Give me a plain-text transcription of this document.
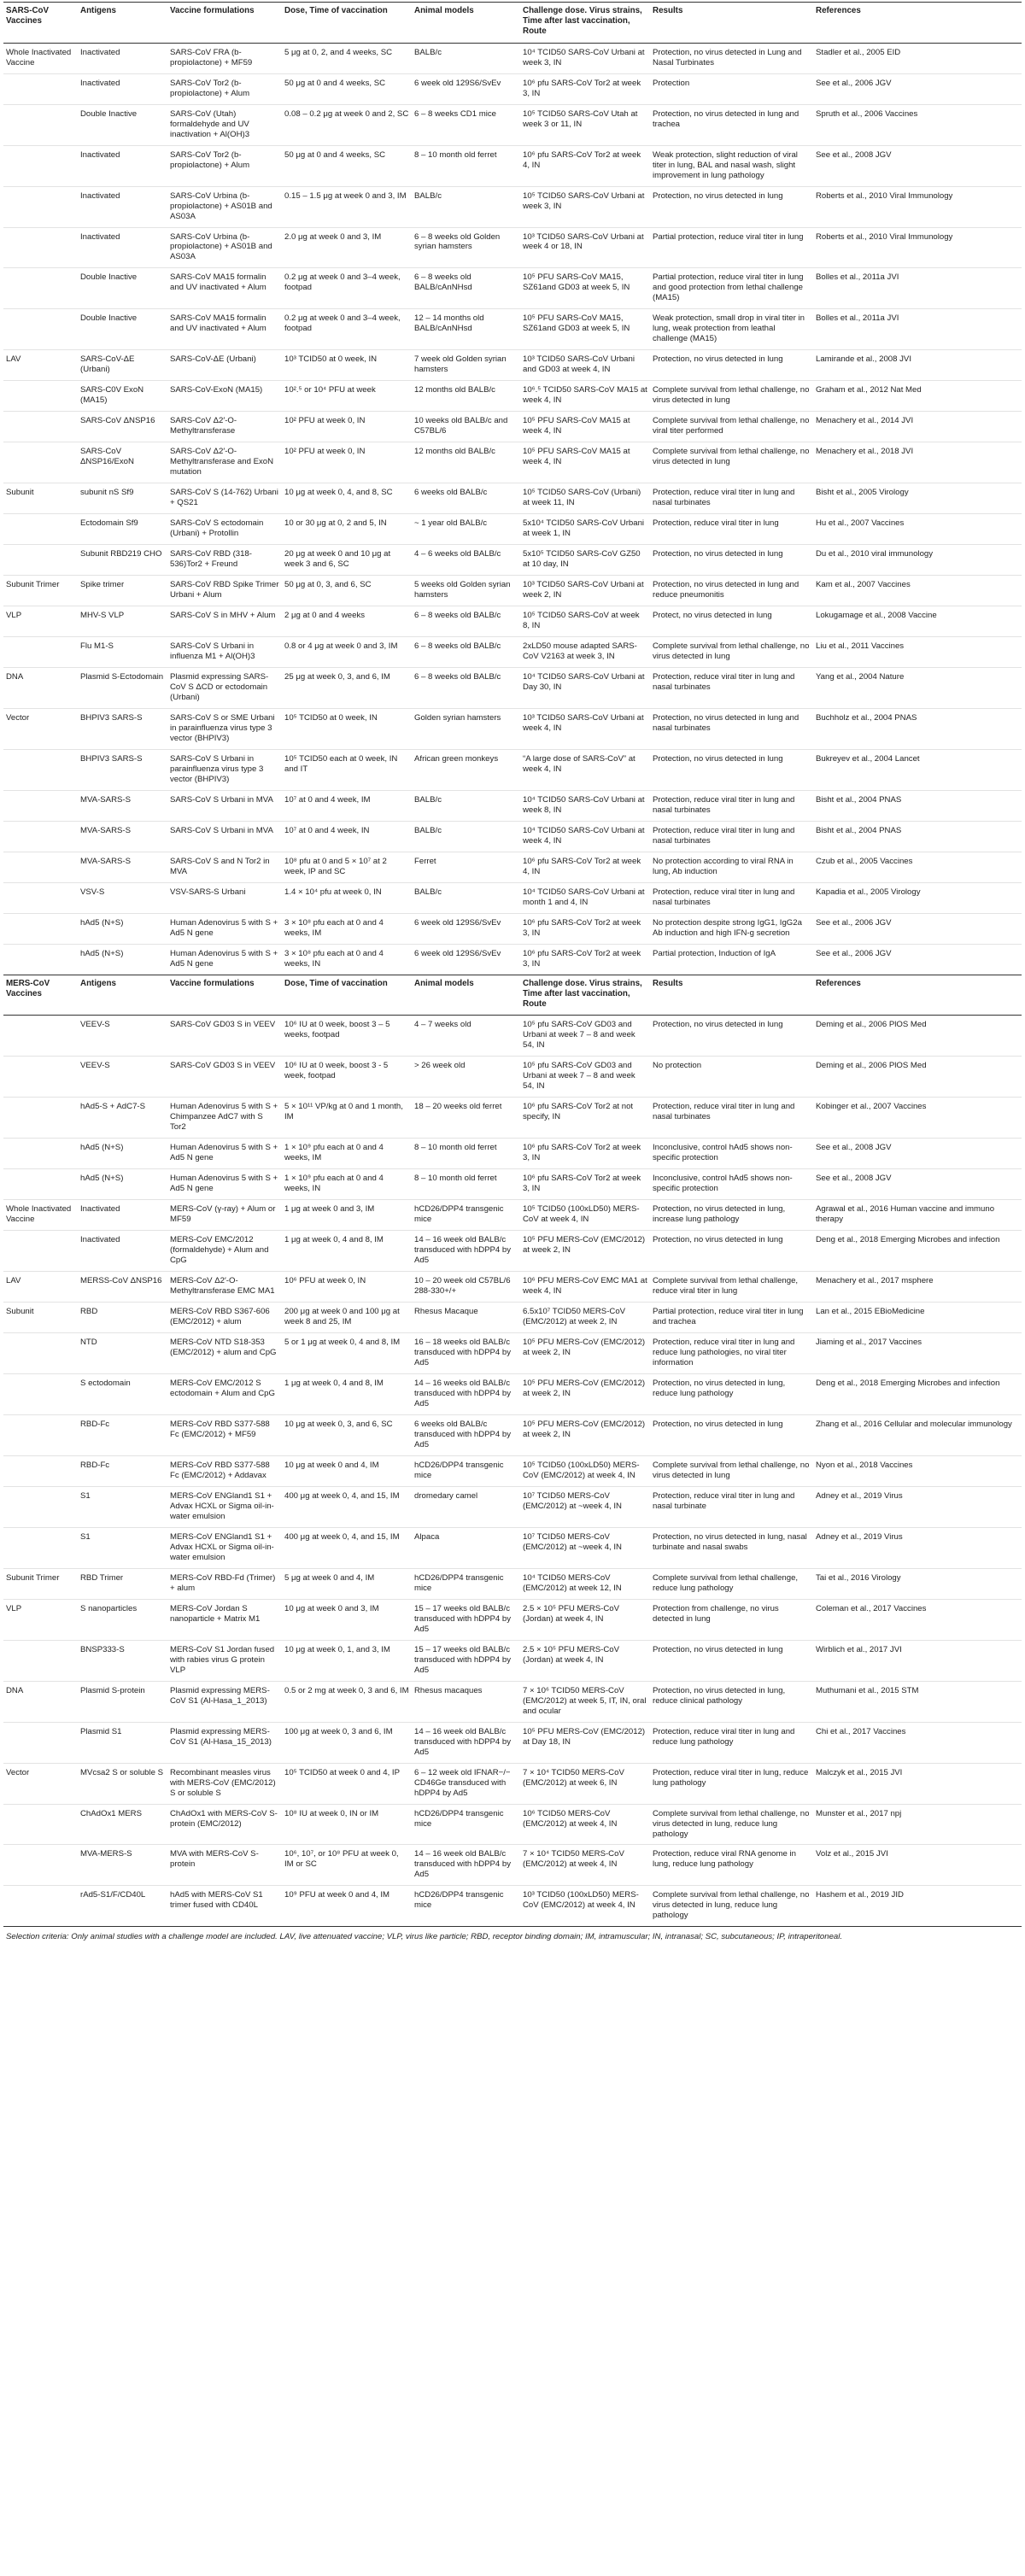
SARS-CoV Vaccines	Antigens	Vaccine formulations	Dose, Time of vaccination	Animal models	Challenge dose. Virus strains, Time after last vaccination, Route	Results	References
Whole Inactivated Vaccine	Inactivated	SARS-CoV FRA (b-propiolactone) + MF59	5 μg at 0, 2, and 4 weeks, SC	BALB/c	10⁴ TCID50 SARS-CoV Urbani at week 3, IN	Protection, no virus detected in Lung and Nasal Turbinates	Stadler et al., 2005 EID
	Inactivated	SARS-CoV Tor2 (b-propiolactone) + Alum	50 μg at 0 and 4 weeks, SC	6 week old 129S6/SvEv	10⁶ pfu SARS-CoV Tor2 at week 3, IN	Protection	See et al., 2006 JGV
	Double Inactive	SARS-CoV (Utah) formaldehyde and UV inactivation + Al(OH)3	0.08 – 0.2 μg at week 0 and 2, SC	6 – 8 weeks CD1 mice	10⁵ TCID50 SARS-CoV Utah at week 3 or 11, IN	Protection, no virus detected in lung and trachea	Spruth et al., 2006 Vaccines
	Inactivated	SARS-CoV Tor2 (b-propiolactone) + Alum	50 μg at 0 and 4 weeks, SC	8 – 10 month old ferret	10⁶ pfu SARS-CoV Tor2 at week 4, IN	Weak protection, slight reduction of viral titer in lung, BAL and nasal wash, slight improvement in lung pathology	See et al., 2008 JGV
	Inactivated	SARS-CoV Urbina (b-propiolactone) + AS01B and AS03A	0.15 – 1.5 μg at week 0 and 3, IM	BALB/c	10⁵ TCID50 SARS-CoV Urbani at week 3, IN	Protection, no virus detected in lung	Roberts et al., 2010 Viral Immunology
	Inactivated	SARS-CoV Urbina (b-propiolactone) + AS01B and AS03A	2.0 μg at week 0 and 3, IM	6 – 8 weeks old Golden syrian hamsters	10³ TCID50 SARS-CoV Urbani at week 4 or 18, IN	Partial protection, reduce viral titer in lung	Roberts et al., 2010 Viral Immunology
	Double Inactive	SARS-CoV MA15 formalin and UV inactivated + Alum	0.2 μg at week 0 and 3–4 week, footpad	6 – 8 weeks old BALB/cAnNHsd	10⁵ PFU SARS-CoV MA15, SZ61and GD03 at week 5, IN	Partial protection, reduce viral titer in lung and good protection from lethal challenge (MA15)	Bolles et al., 2011a JVI
	Double Inactive	SARS-CoV MA15 formalin and UV inactivated + Alum	0.2 μg at week 0 and 3–4 week, footpad	12 – 14 months old BALB/cAnNHsd	10⁵ PFU SARS-CoV MA15, SZ61and GD03 at week 5, IN	Weak protection, small drop in viral titer in lung, weak protection from leathal challenge (MA15)	Bolles et al., 2011a JVI
LAV	SARS-CoV-ΔE (Urbani)	SARS-CoV-ΔE (Urbani)	10³ TCID50 at 0 week, IN	7 week old Golden syrian hamsters	10³ TCID50 SARS-CoV Urbani and GD03 at week 4, IN	Protection, no virus detected in lung	Lamirande et al., 2008 JVI
	SARS-C0V ExoN (MA15)	SARS-CoV-ExoN (MA15)	10².⁵ or 10⁴ PFU at week	12 months old BALB/c	10⁶.⁵ TCID50 SARS-CoV MA15 at week 4, IN	Complete survival from lethal challenge, no virus detected in lung	Graham et al., 2012 Nat Med
	SARS-CoV ΔNSP16	SARS-CoV Δ2′-O-Methyltransferase	10² PFU at week 0, IN	10 weeks old BALB/c and C57BL/6	10⁵ PFU SARS-CoV MA15 at week 4, IN	Complete survival from lethal challenge, no viral titer performed	Menachery et al., 2014 JVI
	SARS-CoV ΔNSP16/ExoN	SARS-CoV Δ2′-O-Methyltransferase and ExoN mutation	10² PFU at week 0, IN	12 months old BALB/c	10⁵ PFU SARS-CoV MA15 at week 4, IN	Complete survival from lethal challenge, no virus detected in lung	Menachery et al., 2018 JVI
Subunit	subunit nS Sf9	SARS-CoV S (14-762) Urbani + QS21	10 μg at week 0, 4, and 8, SC	6 weeks old BALB/c	10⁵ TCID50 SARS-CoV (Urbani) at week 11, IN	Protection, reduce viral titer in lung and nasal turbinates	Bisht et al., 2005 Virology
	Ectodomain Sf9	SARS-CoV S ectodomain (Urbani) + Protollin	10 or 30 μg at 0, 2 and 5, IN	~ 1 year old BALB/c	5x10⁴ TCID50 SARS-CoV Urbani at week 1, IN	Protection, reduce viral titer in lung	Hu et al., 2007 Vaccines
	Subunit RBD219 CHO	SARS-CoV RBD (318-536)Tor2 + Freund	20 μg at week 0 and 10 μg at week 3 and 6, SC	4 – 6 weeks old BALB/c	5x10⁵ TCID50 SARS-CoV GZ50 at 10 day, IN	Protection, no virus detected in lung	Du et al., 2010 viral immunology
Subunit Trimer	Spike trimer	SARS-CoV RBD Spike Trimer Urbani + Alum	50 μg at 0, 3, and 6, SC	5 weeks old Golden syrian hamsters	10³ TCID50 SARS-CoV Urbani at week 2, IN	Protection, no virus detected in lung and reduce pneumonitis	Kam et al., 2007 Vaccines
VLP	MHV-S VLP	SARS-CoV S in MHV + Alum	2 μg at 0 and 4 weeks	6 – 8 weeks old BALB/c	10⁵ TCID50 SARS-CoV at week 8, IN	Protect, no virus detected in lung	Lokugamage et al., 2008 Vaccine
	Flu M1-S	SARS-CoV S Urbani in influenza M1 + Al(OH)3	0.8 or 4 μg at week 0 and 3, IM	6 – 8 weeks old BALB/c	2xLD50 mouse adapted SARS-CoV V2163 at week 3, IN	Complete survival from lethal challenge, no virus detected in lung	Liu et al., 2011 Vaccines
DNA	Plasmid S-Ectodomain	Plasmid expressing SARS-CoV S ΔCD or ectodomain (Urbani)	25 μg at week 0, 3, and 6, IM	6 – 8 weeks old BALB/c	10⁴ TCID50 SARS-CoV Urbani at Day 30, IN	Protection, reduce viral titer in lung and nasal turbinates	Yang et al., 2004 Nature
Vector	BHPIV3 SARS-S	SARS-CoV S or SME Urbani in parainfluenza virus type 3 vector (BHPIV3)	10⁵ TCID50 at 0 week, IN	Golden syrian hamsters	10³ TCID50 SARS-CoV Urbani at week 4, IN	Protection, no virus detected in lung and nasal turbinates	Buchholz et al., 2004 PNAS
	BHPIV3 SARS-S	SARS-CoV S Urbani in parainfluenza virus type 3 vector (BHPIV3)	10⁵ TCID50 each at 0 week, IN and IT	African green monkeys	“A large dose of SARS-CoV” at week 4, IN	Protection, no virus detected in lung	Bukreyev et al., 2004 Lancet
	MVA-SARS-S	SARS-CoV S Urbani in MVA	10⁷ at 0 and 4 week, IM	BALB/c	10⁴ TCID50 SARS-CoV Urbani at week 8, IN	Protection, reduce viral titer in lung and nasal turbinates	Bisht et al., 2004 PNAS
	MVA-SARS-S	SARS-CoV S Urbani in MVA	10⁷ at 0 and 4 week, IN	BALB/c	10⁴ TCID50 SARS-CoV Urbani at week 4, IN	Protection, reduce viral titer in lung and nasal turbinates	Bisht et al., 2004 PNAS
	MVA-SARS-S	SARS-CoV S and N Tor2 in MVA	10⁸ pfu at 0 and 5 × 10⁷ at 2 week, IP and SC	Ferret	10⁶ pfu SARS-CoV Tor2 at week 4, IN	No protection according to viral RNA in lung, Ab induction	Czub et al., 2005 Vaccines
	VSV-S	VSV-SARS-S Urbani	1.4 × 10⁴ pfu at week 0, IN	BALB/c	10⁴ TCID50 SARS-CoV Urbani at month 1 and 4, IN	Protection, reduce viral titer in lung and nasal turbinates	Kapadia et al., 2005 Virology
	hAd5 (N+S)	Human Adenovirus 5 with S + Ad5 N gene	3 × 10⁸ pfu each at 0 and 4 weeks, IM	6 week old 129S6/SvEv	10⁶ pfu SARS-CoV Tor2 at week 3, IN	No protection despite strong IgG1, IgG2a Ab induction and high IFN-g secretion	See et al., 2006 JGV
	hAd5 (N+S)	Human Adenovirus 5 with S + Ad5 N gene	3 × 10⁸ pfu each at 0 and 4 weeks, IN	6 week old 129S6/SvEv	10⁶ pfu SARS-CoV Tor2 at week 3, IN	Partial protection, Induction of IgA	See et al., 2006 JGV
MERS-CoV Vaccines	Antigens	Vaccine formulations	Dose, Time of vaccination	Animal models	Challenge dose. Virus strains, Time after last vaccination, Route	Results	References
	VEEV-S	SARS-CoV GD03 S in VEEV	10⁶ IU at 0 week, boost 3 – 5 weeks, footpad	4 – 7 weeks old	10⁵ pfu SARS-CoV GD03 and Urbani at week 7 – 8 and week 54, IN	Protection, no virus detected in lung	Deming et al., 2006 PlOS Med
	VEEV-S	SARS-CoV GD03 S in VEEV	10⁶ IU at 0 week, boost 3 - 5 week, footpad	> 26 week old	10⁵ pfu SARS-CoV GD03 and Urbani at week 7 – 8 and week 54, IN	No protection	Deming et al., 2006 PlOS Med
	hAd5-S + AdC7-S	Human Adenovirus 5 with S + Chimpanzee AdC7 with S Tor2	5 × 10¹¹ VP/kg at 0 and 1 month, IM	18 – 20 weeks old ferret	10⁶ pfu SARS-CoV Tor2 at not specify, IN	Protection, reduce viral titer in lung and nasal turbinates	Kobinger et al., 2007 Vaccines
	hAd5 (N+S)	Human Adenovirus 5 with S + Ad5 N gene	1 × 10⁹ pfu each at 0 and 4 weeks, IM	8 – 10 month old ferret	10⁶ pfu SARS-CoV Tor2 at week 3, IN	Inconclusive, control hAd5 shows non-specific protection	See et al., 2008 JGV
	hAd5 (N+S)	Human Adenovirus 5 with S + Ad5 N gene	1 × 10⁹ pfu each at 0 and 4 weeks, IN	8 – 10 month old ferret	10⁶ pfu SARS-CoV Tor2 at week 3, IN	Inconclusive, control hAd5 shows non-specific protection	See et al., 2008 JGV
Whole Inactivated Vaccine	Inactivated	MERS-CoV (γ-ray) + Alum or MF59	1 μg at week 0 and 3, IM	hCD26/DPP4 transgenic mice	10⁵ TCID50 (100xLD50) MERS-CoV at week 4, IN	Protection, no virus detected in lung, increase lung pathology	Agrawal et al., 2016 Human vaccine and immuno therapy
	Inactivated	MERS-CoV EMC/2012 (formaldehyde) + Alum and CpG	1 μg at week 0, 4 and 8, IM	14 – 16 week old BALB/c transduced with hDPP4 by Ad5	10⁵ PFU MERS-CoV (EMC/2012) at week 2, IN	Protection, no virus detected in lung	Deng et al., 2018 Emerging Microbes and infection
LAV	MERSS-CoV ΔNSP16	MERS-CoV Δ2′-O-Methyltransferase EMC MA1	10⁶ PFU at week 0, IN	10 – 20 week old C57BL/6 288-330+/+	10⁶ PFU MERS-CoV EMC MA1 at week 4, IN	Complete survival from lethal challenge, reduce viral titer in lung	Menachery et al., 2017 msphere
Subunit	RBD	MERS-CoV RBD S367-606 (EMC/2012) + alum	200 μg at week 0 and 100 μg at week 8 and 25, IM	Rhesus Macaque	6.5x10⁷ TCID50 MERS-CoV (EMC/2012) at week 2, IN	Partial protection, reduce viral titer in lung and trachea	Lan et al., 2015 EBioMedicine
	NTD	MERS-CoV NTD S18-353 (EMC/2012) + alum and CpG	5 or 1 μg at week 0, 4 and 8, IM	16 – 18 weeks old BALB/c transduced with hDPP4 by Ad5	10⁵ PFU MERS-CoV (EMC/2012) at week 2, IN	Protection, reduce viral titer in lung and reduce lung pathologies, no viral titer information	Jiaming et al., 2017 Vaccines
	S ectodomain	MERS-CoV EMC/2012 S ectodomain + Alum and CpG	1 μg at week 0, 4 and 8, IM	14 – 16 weeks old BALB/c transduced with hDPP4 by Ad5	10⁵ PFU MERS-CoV (EMC/2012) at week 2, IN	Protection, no virus detected in lung, reduce lung pathology	Deng et al., 2018 Emerging Microbes and infection
	RBD-Fc	MERS-CoV RBD S377-588 Fc (EMC/2012) + MF59	10 μg at week 0, 3, and 6, SC	6 weeks old BALB/c transduced with hDPP4 by Ad5	10⁵ PFU MERS-CoV (EMC/2012) at week 2, IN	Protection, no virus detected in lung	Zhang et al., 2016 Cellular and molecular immunology
	RBD-Fc	MERS-CoV RBD S377-588 Fc (EMC/2012) + Addavax	10 μg at week 0 and 4, IM	hCD26/DPP4 transgenic mice	10⁵ TCID50 (100xLD50) MERS-CoV (EMC/2012) at week 4, IN	Complete survival from lethal challenge, no virus detected in lung	Nyon et al., 2018 Vaccines
	S1	MERS-CoV ENGland1 S1 + Advax HCXL or Sigma oil-in-water emulsion	400 μg at week 0, 4, and 15, IM	dromedary camel	10⁷ TCID50 MERS-CoV (EMC/2012) at ~week 4, IN	Protection, reduce viral titer in lung and nasal turbinate	Adney et al., 2019 Virus
	S1	MERS-CoV ENGland1 S1 + Advax HCXL or Sigma oil-in-water emulsion	400 μg at week 0, 4, and 15, IM	Alpaca	10⁷ TCID50 MERS-CoV (EMC/2012) at ~week 4, IN	Protection, no virus detected in lung, nasal turbinate and nasal swabs	Adney et al., 2019 Virus
Subunit Trimer	RBD Trimer	MERS-CoV RBD-Fd (Trimer) + alum	5 μg at week 0 and 4, IM	hCD26/DPP4 transgenic mice	10⁴ TCID50 MERS-CoV (EMC/2012) at week 12, IN	Complete survival from lethal challenge, reduce lung pathology	Tai et al., 2016 Virology
VLP	S nanoparticles	MERS-CoV Jordan S nanoparticle + Matrix M1	10 μg at week 0 and 3, IM	15 – 17 weeks old BALB/c transduced with hDPP4 by Ad5	2.5 × 10⁵ PFU MERS-CoV (Jordan) at week 4, IN	Protection from challenge, no virus detected in lung	Coleman et al., 2017 Vaccines
	BNSP333-S	MERS-CoV S1 Jordan fused with rabies virus G protein VLP	10 μg at week 0, 1, and 3, IM	15 – 17 weeks old BALB/c transduced with hDPP4 by Ad5	2.5 × 10⁵ PFU MERS-CoV (Jordan) at week 4, IN	Protection, no virus detected in lung	Wirblich et al., 2017 JVI
DNA	Plasmid S-protein	Plasmid expressing MERS-CoV S1 (Al-Hasa_1_2013)	0.5 or 2 mg at week 0, 3 and 6, IM	Rhesus macaques	7 × 10⁶ TCID50 MERS-CoV (EMC/2012) at week 5, IT, IN, oral and ocular	Protection, no virus detected in lung, reduce clinical pathology	Muthumani et al., 2015 STM
	Plasmid S1	Plasmid expressing MERS-CoV S1 (Al-Hasa_15_2013)	100 μg at week 0, 3 and 6, IM	14 – 16 week old BALB/c transduced with hDPP4 by Ad5	10⁵ PFU MERS-CoV (EMC/2012) at Day 18, IN	Protection, reduce viral titer in lung and reduce lung pathology	Chi et al., 2017 Vaccines
Vector	MVcsa2 S or soluble S	Recombinant measles virus with MERS-CoV (EMC/2012) S or soluble S	10⁵ TCID50 at week 0 and 4, IP	6 – 12 week old IFNAR−/− CD46Ge transduced with hDPP4 by Ad5	7 × 10⁴ TCID50 MERS-CoV (EMC/2012) at week 6, IN	Protection, reduce viral titer in lung, reduce lung pathology	Malczyk et al., 2015 JVI
	ChAdOx1 MERS	ChAdOx1 with MERS-CoV S-protein (EMC/2012)	10⁸ IU at week 0, IN or IM	hCD26/DPP4 transgenic mice	10⁶ TCID50 MERS-CoV (EMC/2012) at week 4, IN	Complete survival from lethal challenge, no virus detected in lung, reduce lung pathology	Munster et al., 2017 npj
	MVA-MERS-S	MVA with MERS-CoV S-protein	10⁶, 10⁷, or 10⁸ PFU at week 0, IM or SC	14 – 16 week old BALB/c transduced with hDPP4 by Ad5	7 × 10⁴ TCID50 MERS-CoV (EMC/2012) at week 4, IN	Protection, reduce viral RNA genome in lung, reduce lung pathology	Volz et al., 2015 JVI
	rAd5-S1/F/CD40L	hAd5 with MERS-CoV S1 trimer fused with CD40L	10⁹ PFU at week 0 and 4, IM	hCD26/DPP4 transgenic mice	10³ TCID50 (100xLD50) MERS-CoV (EMC/2012) at week 4, IN	Complete survival from lethal challenge, no virus detected in lung, reduce lung pathology	Hashem et al., 2019 JID
Selection criteria: Only animal studies with a challenge model are included. LAV, live attenuated vaccine; VLP, virus like particle; RBD, receptor binding domain; IM, intramuscular; IN, intranasal; SC, subcutaneous; IP, intraperitoneal.
